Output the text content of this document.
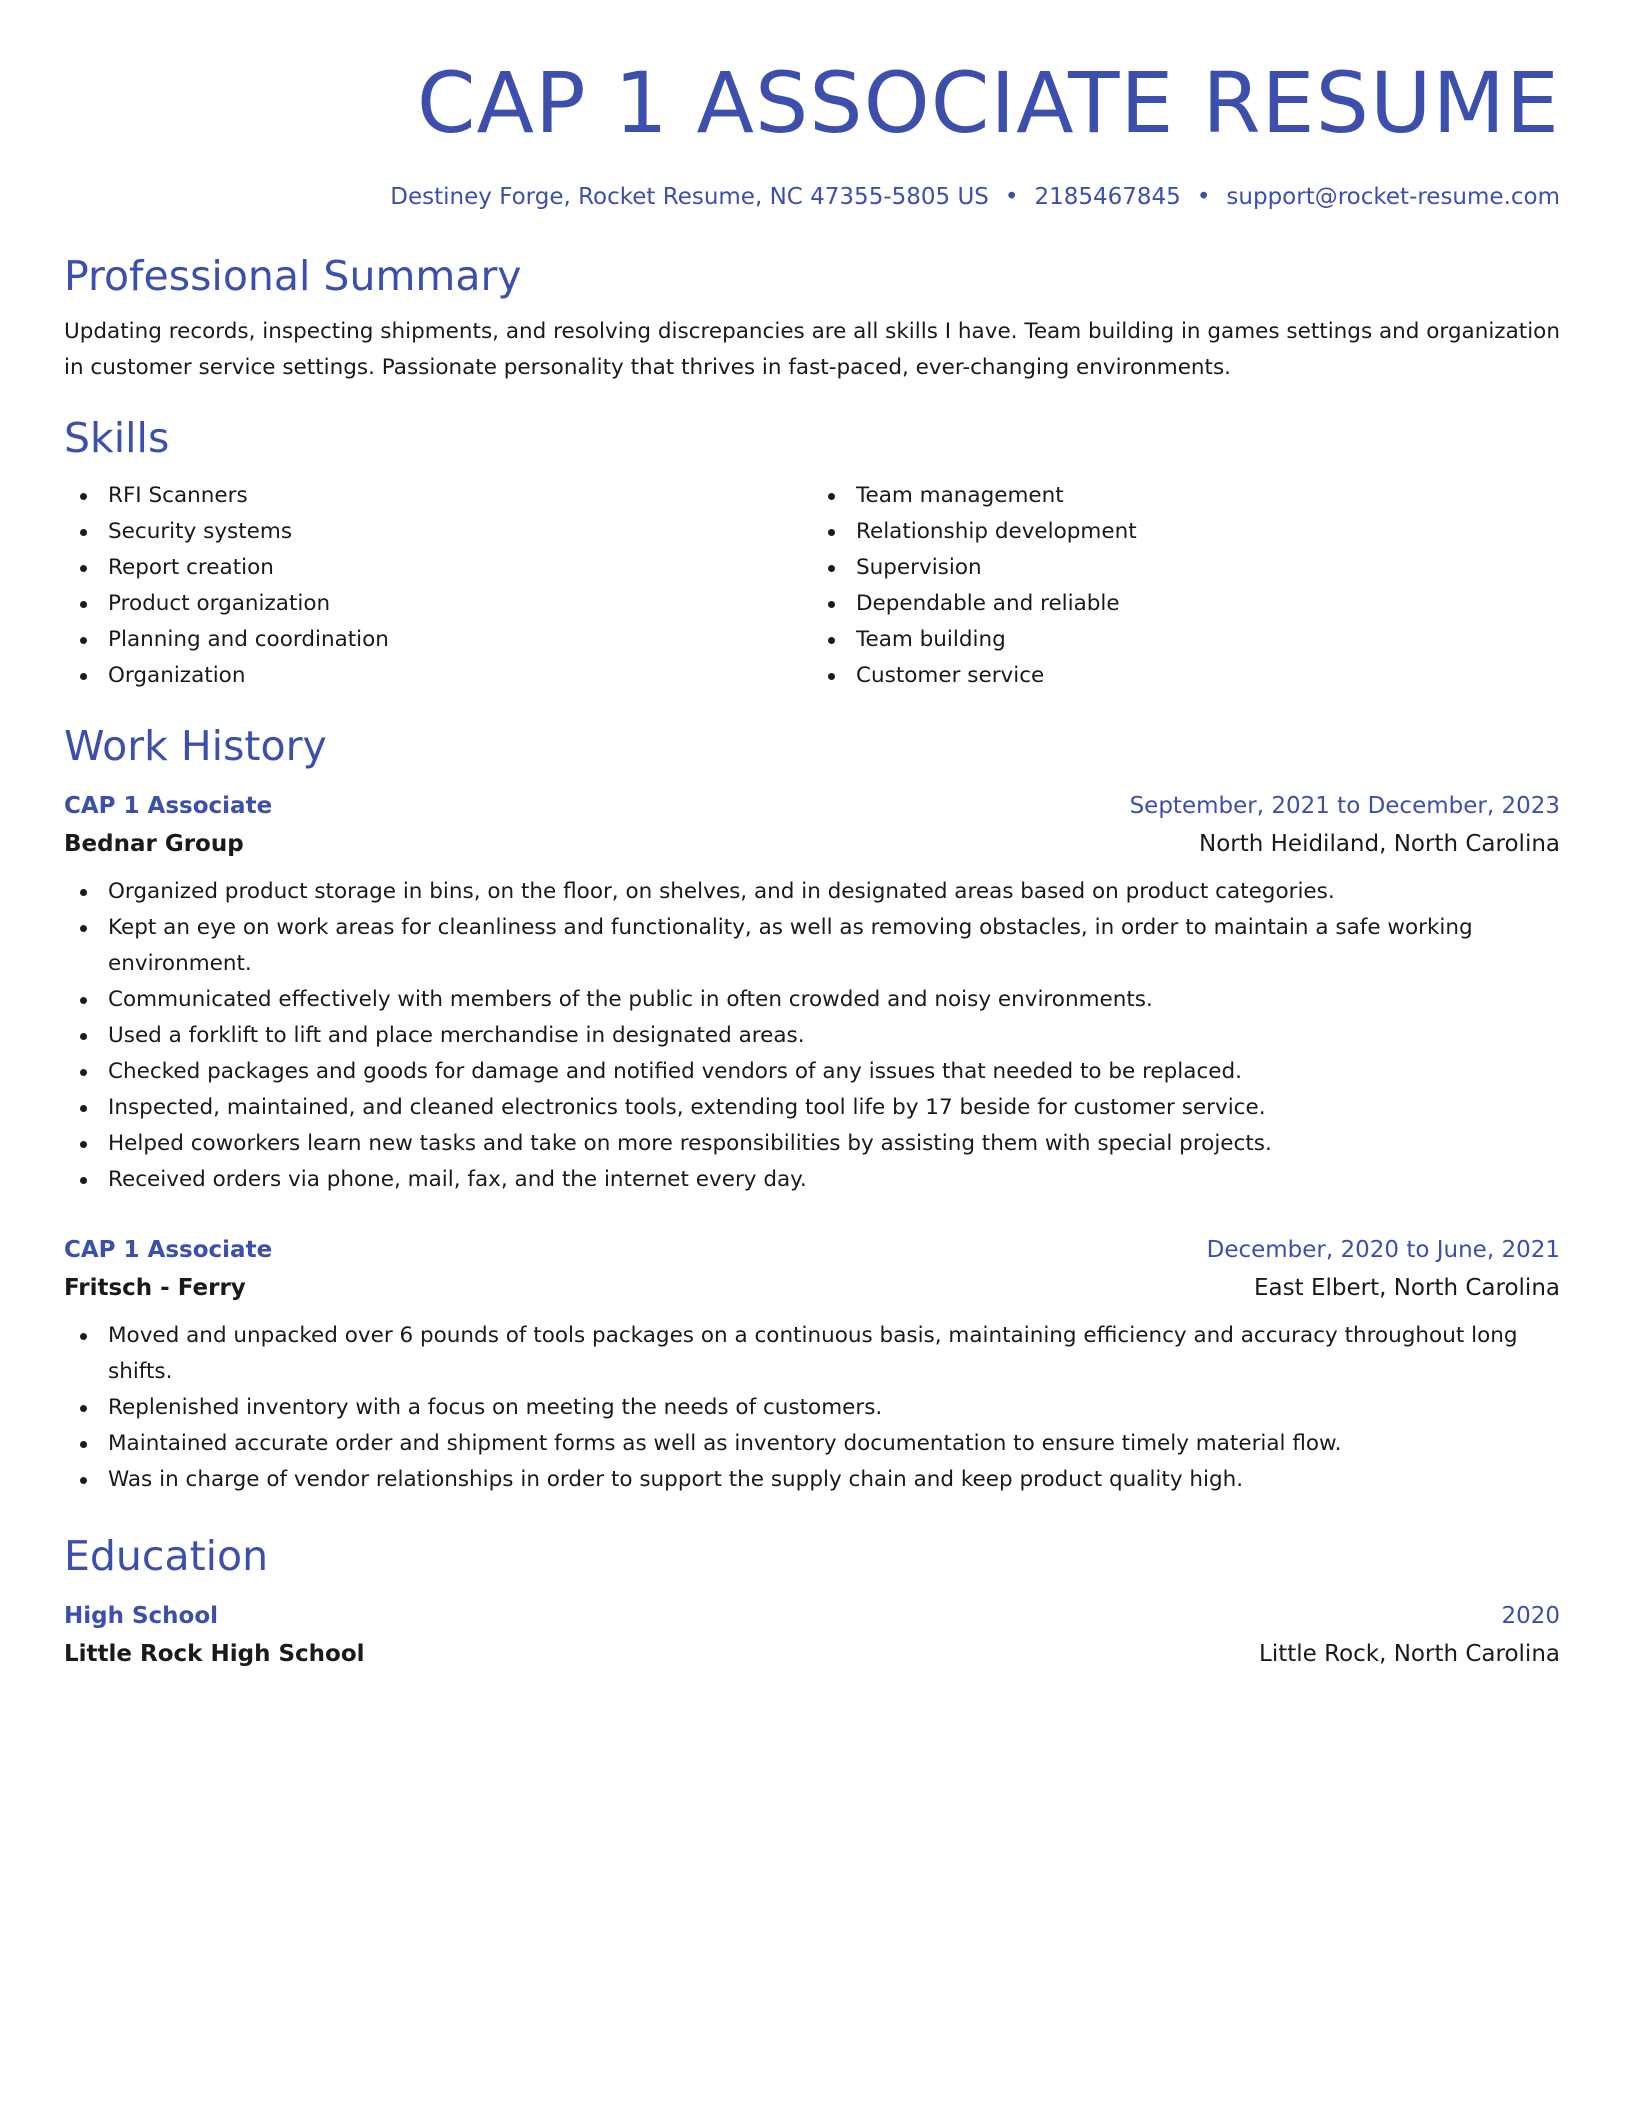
CAP 1 ASSOCIATE RESUME
Destiney Forge, Rocket Resume, NC 47355-5805 US • 2185467845 • support@rocket-resume.com
Professional Summary

Updating records, inspecting shipments, and resolving discrepancies are all skills I have. Team building in games settings and organization in customer service settings. Passionate personality that thrives in fast-paced, ever-changing environments.

Skills
RFI Scanners
Security systems
Report creation
Product organization
Planning and coordination
Organization
Team management
Relationship development
Supervision
Dependable and reliable
Team building
Customer service
Work History
CAP 1 Associate	September, 2021 to December, 2023
Bednar Group	North Heidiland, North Carolina
Organized product storage in bins, on the floor, on shelves, and in designated areas based on product categories.
Kept an eye on work areas for cleanliness and functionality, as well as removing obstacles, in order to maintain a safe working environment.
Communicated effectively with members of the public in often crowded and noisy environments.
Used a forklift to lift and place merchandise in designated areas.
Checked packages and goods for damage and notified vendors of any issues that needed to be replaced.
Inspected, maintained, and cleaned electronics tools, extending tool life by 17 beside for customer service.
Helped coworkers learn new tasks and take on more responsibilities by assisting them with special projects.
Received orders via phone, mail, fax, and the internet every day.
CAP 1 Associate	December, 2020 to June, 2021
Fritsch - Ferry	East Elbert, North Carolina
Moved and unpacked over 6 pounds of tools packages on a continuous basis, maintaining efficiency and accuracy throughout long shifts.
Replenished inventory with a focus on meeting the needs of customers.
Maintained accurate order and shipment forms as well as inventory documentation to ensure timely material flow.
Was in charge of vendor relationships in order to support the supply chain and keep product quality high.
Education
High School	2020
Little Rock High School	Little Rock, North Carolina
